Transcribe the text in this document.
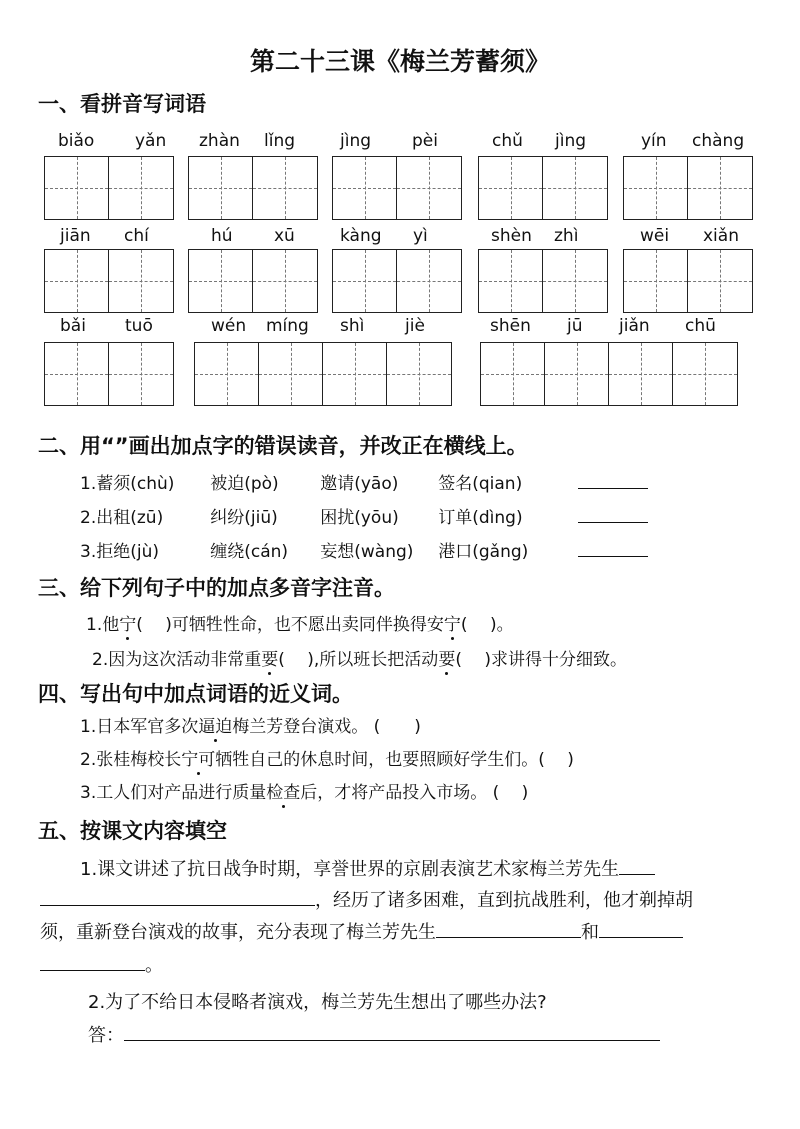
第二十三课《梅兰芳蓄须》
一、看拼音写词语
biǎo yǎn zhàn lǐng	jìng pèi	chǔ jìng	yín chàng
jiān chí	hú xū	kàng yì	shèn zhì	wēi xiǎn
bǎi tuō	wén míng shì jiè	shēn jū jiǎn chū
二、用“”画出加点字的错误读音，并改正在横线上。
1.蓄须(chù) 被迫(pò) 邀请(yāo) 签名(qian)
2.出租(zū)	纠纷(jiū)	困扰(yōu) 订单(dìng)
3.拒绝(jù)	缠绕(cán) 妄想(wàng) 港口(gǎng)
三、给下列句子中的加点多音字注音。
1.他宁(　 )可牺牲性命，也不愿出卖同伴换得安宁(　 )。
2.因为这次活动非常重要(　 ),所以班长把活动要(　 )求讲得十分细致。
四、写出句中加点词语的近义词。
1.日本军官多次逼迫梅兰芳登台演戏。 (　　)
2.张桂梅校长宁可牺牲自己的休息时间，也要照顾好学生们。(　 )
3.工人们对产品进行质量检查后，才将产品投入市场。 (　 )
五、按课文内容填空
1.课文讲述了抗日战争时期，享誉世界的京剧表演艺术家梅兰芳先生
，经历了诸多困难，直到抗战胜利，他才剃掉胡
须，重新登台演戏的故事，充分表现了梅兰芳先生	和
。
2.为了不给日本侵略者演戏，梅兰芳先生想出了哪些办法?
答：
